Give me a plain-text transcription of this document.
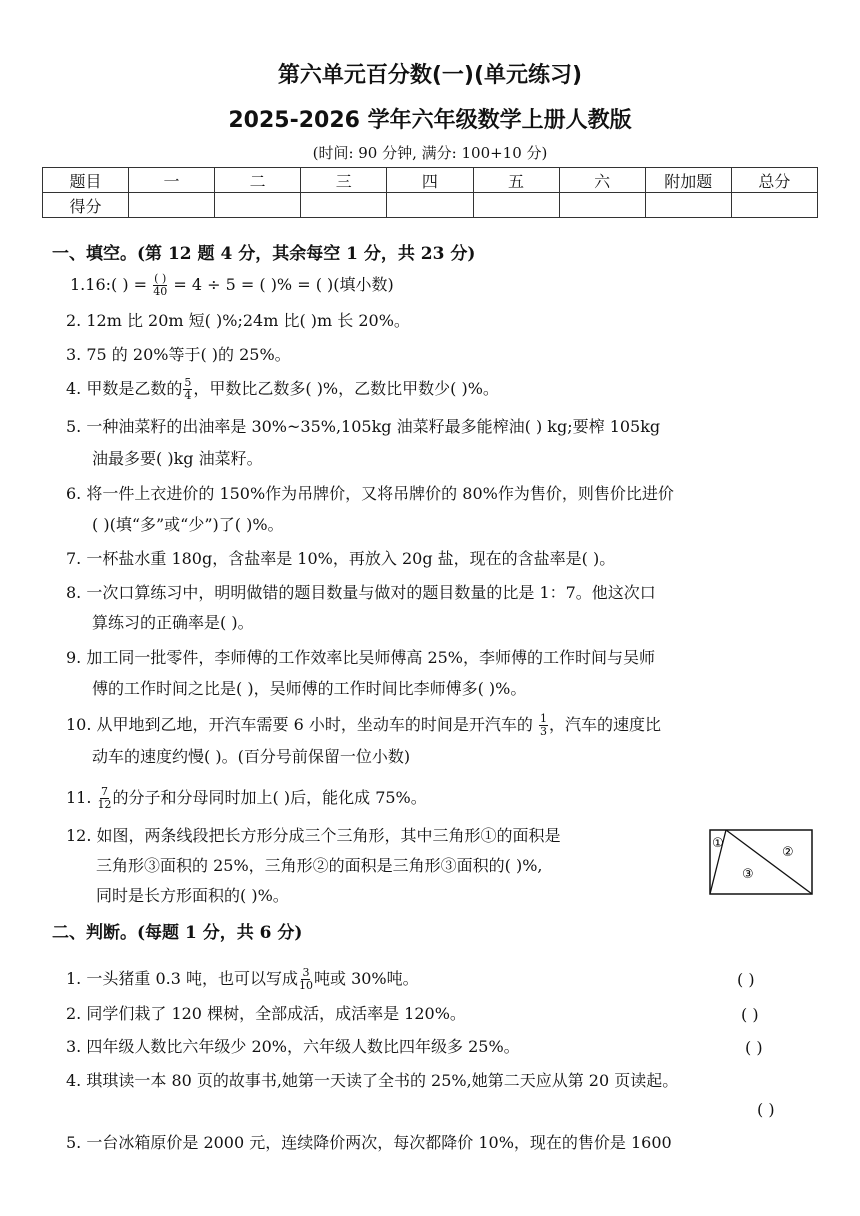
第六单元百分数(一)(单元练习)
2025-2026 学年六年级数学上册人教版
(时间: 90 分钟, 满分: 100+10 分)
题目	一	二	三	四	五	六	附加题	总分
得分								
一、填空。(第 12 题 4 分，其余每空 1 分，共 23 分)
1.16:( ) = $\frac{( )}{40} = 4 \div 5$ = ( )% = ( )(填小数)
2. 12m 比 20m 短( )%;24m 比( )m 长 20%。
3. 75 的 20%等于( )的 25%。
4. 甲数是乙数的 $\frac{5}{4}$ ，甲数比乙数多( )%，乙数比甲数少( )%。
5. 一种油菜籽的出油率是 30%~35%,105kg 油菜籽最多能榨油( ) kg;要榨 105kg
油最多要( )kg 油菜籽。
6. 将一件上衣进价的 150%作为吊牌价，又将吊牌价的 80%作为售价，则售价比进价
( )(填“多”或“少”)了( )%。
7. 一杯盐水重 180g，含盐率是 10%，再放入 20g 盐，现在的含盐率是( )。
8. 一次口算练习中，明明做错的题目数量与做对的题目数量的比是 1：7。他这次口
算练习的正确率是( )。
9. 加工同一批零件，李师傅的工作效率比吴师傅高 25%，李师傅的工作时间与吴师
傅的工作时间之比是( )，吴师傅的工作时间比李师傅多( )%。
10. 从甲地到乙地，开汽车需要 6 小时，坐动车的时间是开汽车的 $\frac{1}{3}$ ，汽车的速度比
动车的速度约慢( )。(百分号前保留一位小数)
11. $\frac{7}{12}$ 的分子和分母同时加上( )后，能化成 75%。
12. 如图，两条线段把长方形分成三个三角形，其中三角形①的面积是
三角形③面积的 25%，三角形②的面积是三角形③面积的( )%,
同时是长方形面积的( )%。
①
②
③
二、判断。(每题 1 分，共 6 分)
1. 一头猪重 0.3 吨，也可以写成 $\frac{3}{10}$ 吨或 30%吨。	( )
2. 同学们栽了 120 棵树，全部成活，成活率是 120%。	( )
3. 四年级人数比六年级少 20%，六年级人数比四年级多 25%。	( )
4. 琪琪读一本 80 页的故事书,她第一天读了全书的 25%,她第二天应从第 20 页读起。
( )
5. 一台冰箱原价是 2000 元，连续降价两次，每次都降价 10%，现在的售价是 1600
